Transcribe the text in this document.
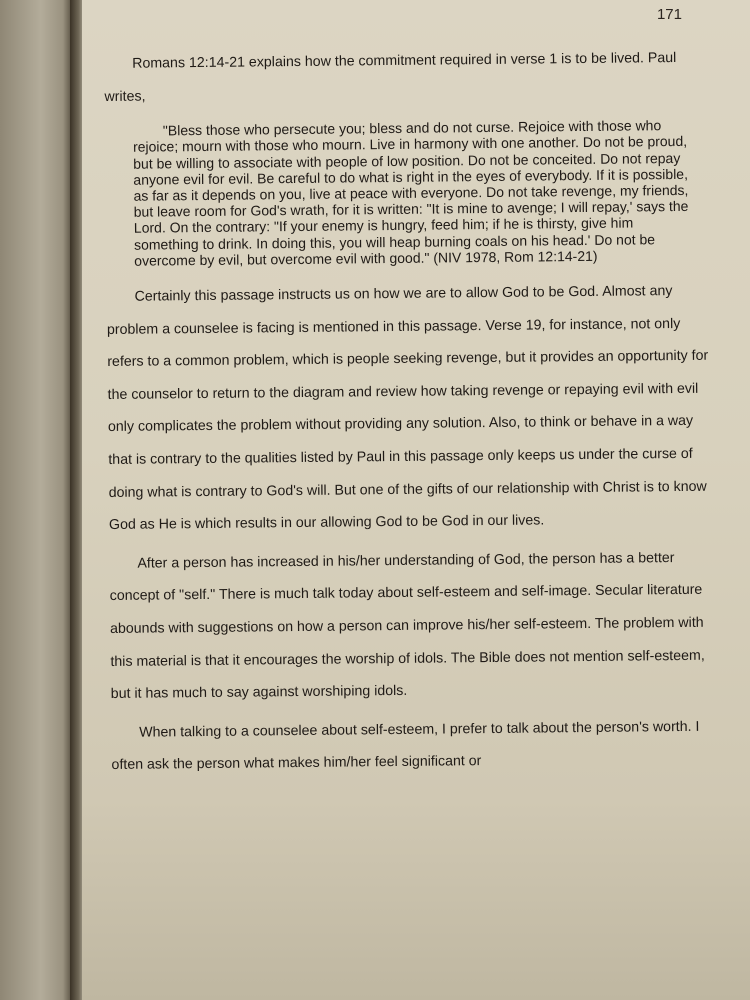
171

Romans 12:14-21 explains how the commitment required in verse 1 is to be lived. Paul writes,

"Bless those who persecute you; bless and do not curse. Rejoice with those who rejoice; mourn with those who mourn. Live in harmony with one another. Do not be proud, but be willing to associate with people of low position. Do not be conceited. Do not repay anyone evil for evil. Be careful to do what is right in the eyes of everybody. If it is possible, as far as it depends on you, live at peace with everyone. Do not take revenge, my friends, but leave room for God's wrath, for it is written: "It is mine to avenge; I will repay,' says the Lord. On the contrary: "If your enemy is hungry, feed him; if he is thirsty, give him something to drink. In doing this, you will heap burning coals on his head.' Do not be overcome by evil, but overcome evil with good." (NIV 1978, Rom 12:14-21)

Certainly this passage instructs us on how we are to allow God to be God. Almost any problem a counselee is facing is mentioned in this passage. Verse 19, for instance, not only refers to a common problem, which is people seeking revenge, but it provides an opportunity for the counselor to return to the diagram and review how taking revenge or repaying evil with evil only complicates the problem without providing any solution. Also, to think or behave in a way that is contrary to the qualities listed by Paul in this passage only keeps us under the curse of doing what is contrary to God's will. But one of the gifts of our relationship with Christ is to know God as He is which results in our allowing God to be God in our lives.

After a person has increased in his/her understanding of God, the person has a better concept of "self." There is much talk today about self-esteem and self-image. Secular literature abounds with suggestions on how a person can improve his/her self-esteem. The problem with this material is that it encourages the worship of idols. The Bible does not mention self-esteem, but it has much to say against worshiping idols.

When talking to a counselee about self-esteem, I prefer to talk about the person's worth. I often ask the person what makes him/her feel significant or
